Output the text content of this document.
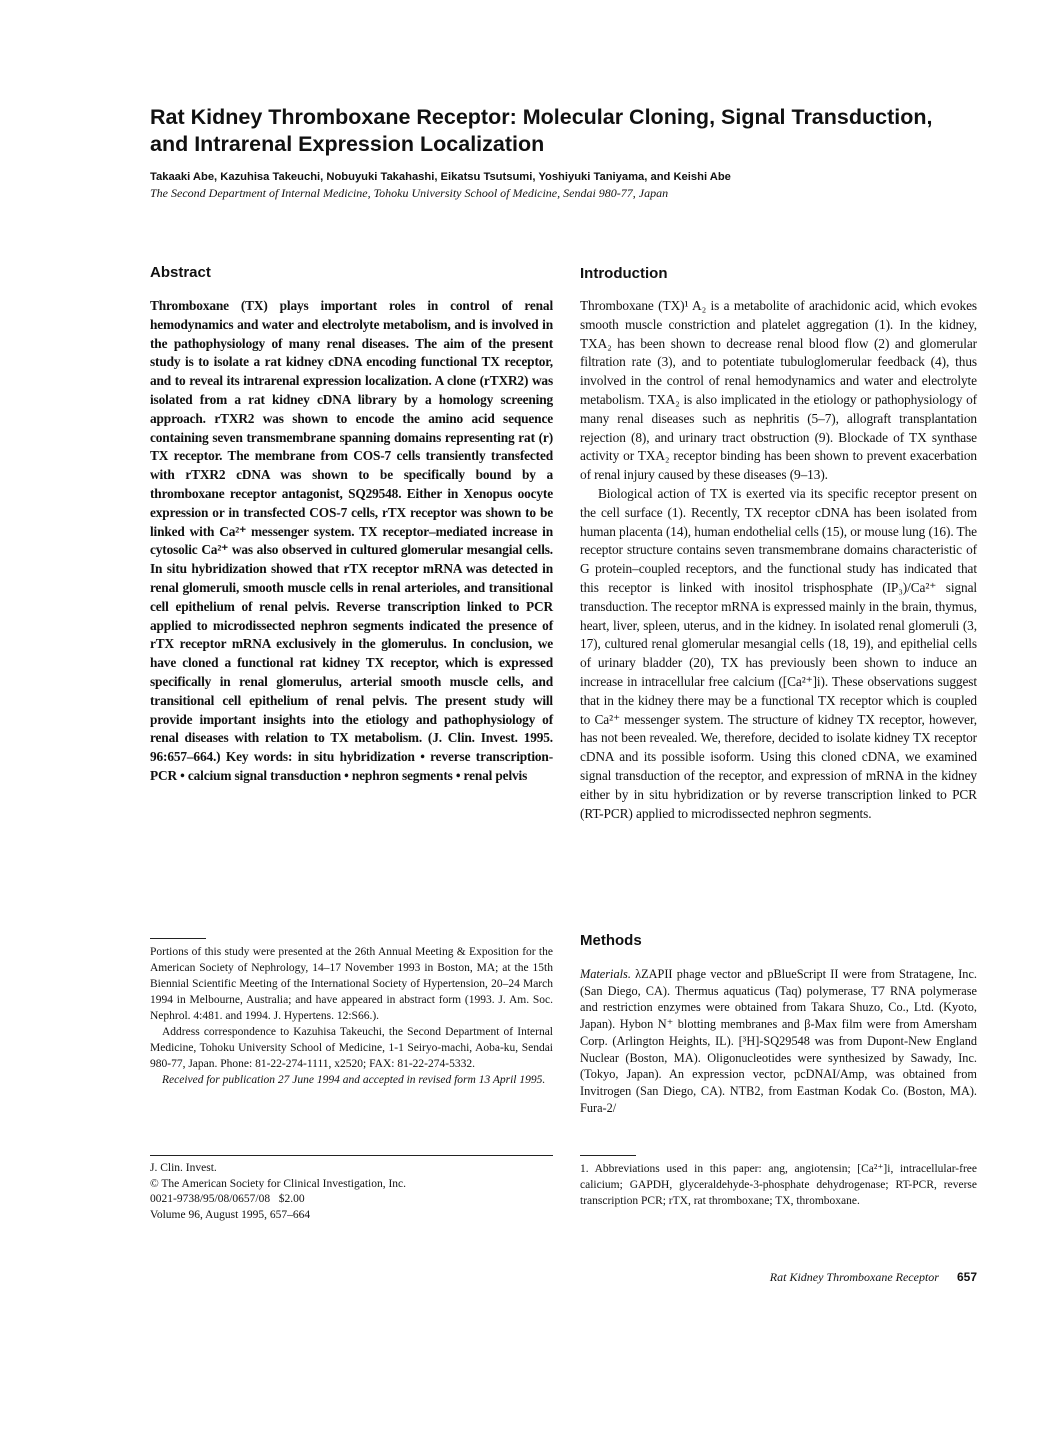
Rat Kidney Thromboxane Receptor: Molecular Cloning, Signal Transduction, and Intrarenal Expression Localization
Takaaki Abe, Kazuhisa Takeuchi, Nobuyuki Takahashi, Eikatsu Tsutsumi, Yoshiyuki Taniyama, and Keishi Abe
The Second Department of Internal Medicine, Tohoku University School of Medicine, Sendai 980-77, Japan
Abstract

Thromboxane (TX) plays important roles in control of renal hemodynamics and water and electrolyte metabolism, and is involved in the pathophysiology of many renal diseases. The aim of the present study is to isolate a rat kidney cDNA encoding functional TX receptor, and to reveal its intrarenal expression localization. A clone (rTXR2) was isolated from a rat kidney cDNA library by a homology screening approach. rTXR2 was shown to encode the amino acid sequence containing seven transmembrane spanning domains representing rat (r) TX receptor. The membrane from COS-7 cells transiently transfected with rTXR2 cDNA was shown to be specifically bound by a thromboxane receptor antagonist, SQ29548. Either in Xenopus oocyte expression or in transfected COS-7 cells, rTX receptor was shown to be linked with Ca²⁺ messenger system. TX receptor–mediated increase in cytosolic Ca²⁺ was also observed in cultured glomerular mesangial cells. In situ hybridization showed that rTX receptor mRNA was detected in renal glomeruli, smooth muscle cells in renal arterioles, and transitional cell epithelium of renal pelvis. Reverse transcription linked to PCR applied to microdissected nephron segments indicated the presence of rTX receptor mRNA exclusively in the glomerulus. In conclusion, we have cloned a functional rat kidney TX receptor, which is expressed specifically in renal glomerulus, arterial smooth muscle cells, and transitional cell epithelium of renal pelvis. The present study will provide important insights into the etiology and pathophysiology of renal diseases with relation to TX metabolism. (J. Clin. Invest. 1995. 96:657–664.) Key words: in situ hybridization • reverse transcription-PCR • calcium signal transduction • nephron segments • renal pelvis

Portions of this study were presented at the 26th Annual Meeting & Exposition for the American Society of Nephrology, 14–17 November 1993 in Boston, MA; at the 15th Biennial Scientific Meeting of the International Society of Hypertension, 20–24 March 1994 in Melbourne, Australia; and have appeared in abstract form (1993. J. Am. Soc. Nephrol. 4:481. and 1994. J. Hypertens. 12:S66.).

Address correspondence to Kazuhisa Takeuchi, the Second Department of Internal Medicine, Tohoku University School of Medicine, 1-1 Seiryo-machi, Aoba-ku, Sendai 980-77, Japan. Phone: 81-22-274-1111, x2520; FAX: 81-22-274-5332.

Received for publication 27 June 1994 and accepted in revised form 13 April 1995.

J. Clin. Invest.

© The American Society for Clinical Investigation, Inc.

0021-9738/95/08/0657/08   $2.00

Volume 96, August 1995, 657–664

Introduction

Thromboxane (TX)¹ A₂ is a metabolite of arachidonic acid, which evokes smooth muscle constriction and platelet aggregation (1). In the kidney, TXA₂ has been shown to decrease renal blood flow (2) and glomerular filtration rate (3), and to potentiate tubuloglomerular feedback (4), thus involved in the control of renal hemodynamics and water and electrolyte metabolism. TXA₂ is also implicated in the etiology or pathophysiology of many renal diseases such as nephritis (5–7), allograft transplantation rejection (8), and urinary tract obstruction (9). Blockade of TX synthase activity or TXA₂ receptor binding has been shown to prevent exacerbation of renal injury caused by these diseases (9–13).

Biological action of TX is exerted via its specific receptor present on the cell surface (1). Recently, TX receptor cDNA has been isolated from human placenta (14), human endothelial cells (15), or mouse lung (16). The receptor structure contains seven transmembrane domains characteristic of G protein–coupled receptors, and the functional study has indicated that this receptor is linked with inositol trisphosphate (IP₃)/Ca²⁺ signal transduction. The receptor mRNA is expressed mainly in the brain, thymus, heart, liver, spleen, uterus, and in the kidney. In isolated renal glomeruli (3, 17), cultured renal glomerular mesangial cells (18, 19), and epithelial cells of urinary bladder (20), TX has previously been shown to induce an increase in intracellular free calcium ([Ca²⁺]i). These observations suggest that in the kidney there may be a functional TX receptor which is coupled to Ca²⁺ messenger system. The structure of kidney TX receptor, however, has not been revealed. We, therefore, decided to isolate kidney TX receptor cDNA and its possible isoform. Using this cloned cDNA, we examined signal transduction of the receptor, and expression of mRNA in the kidney either by in situ hybridization or by reverse transcription linked to PCR (RT-PCR) applied to microdissected nephron segments.

Methods

Materials. λZAPII phage vector and pBlueScript II were from Stratagene, Inc. (San Diego, CA). Thermus aquaticus (Taq) polymerase, T7 RNA polymerase and restriction enzymes were obtained from Takara Shuzo, Co., Ltd. (Kyoto, Japan). Hybon N⁺ blotting membranes and β-Max film were from Amersham Corp. (Arlington Heights, IL). [³H]-SQ29548 was from Dupont-New England Nuclear (Boston, MA). Oligonucleotides were synthesized by Sawady, Inc. (Tokyo, Japan). An expression vector, pcDNAI/Amp, was obtained from Invitrogen (San Diego, CA). NTB2, from Eastman Kodak Co. (Boston, MA). Fura-2/

1. Abbreviations used in this paper: ang, angiotensin; [Ca²⁺]i, intracellular-free calicium; GAPDH, glyceraldehyde-3-phosphate dehydrogenase; RT-PCR, reverse transcription PCR; rTX, rat thromboxane; TX, thromboxane.

Rat Kidney Thromboxane Receptor 657
